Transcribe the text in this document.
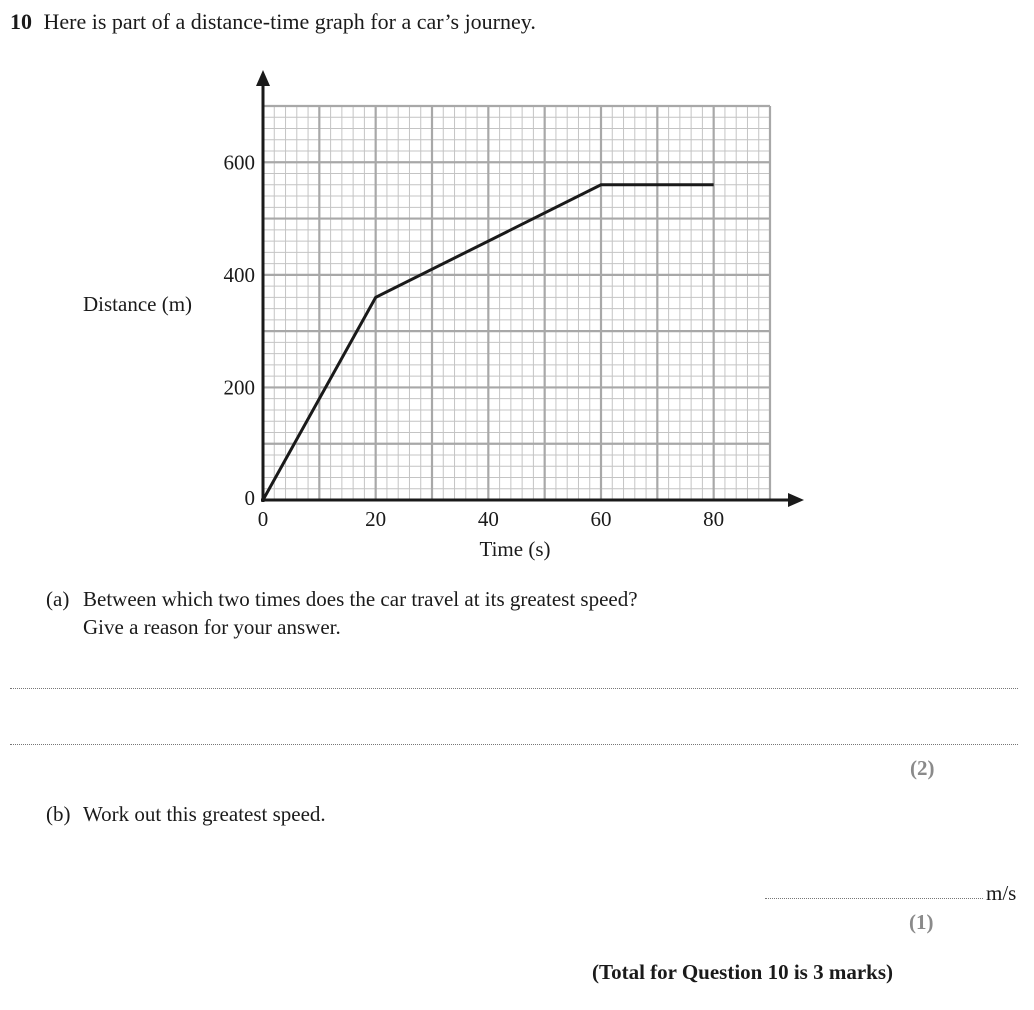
10 Here is part of a distance-time graph for a car’s journey.
0	20	40	60	80
0
200
400
600
Distance (m)
Time (s)
(a) Between which two times does the car travel at its greatest speed?
Give a reason for your answer.
(2)
(b) Work out this greatest speed.
m/s
(1)
(Total for Question 10 is 3 marks)
